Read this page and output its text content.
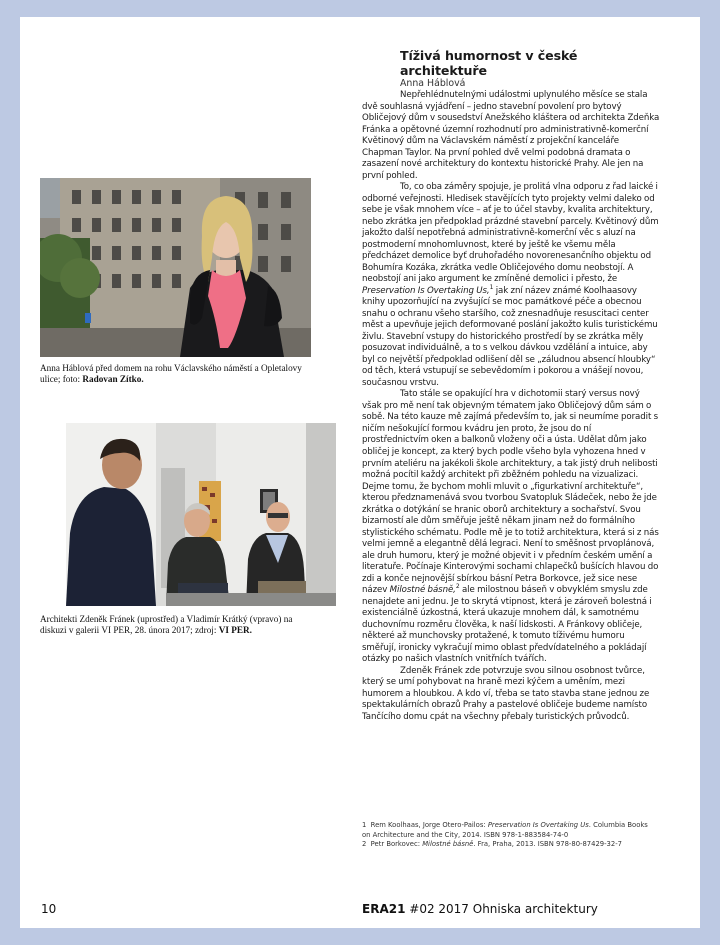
Anna Háblová před domem na rohu Václavského náměstí a Opletalovy ulice; foto: Radovan Zítko.
Architekti Zdeněk Fránek (uprostřed) a Vladimír Krátký (vpravo) na diskuzi v galerii VI PER, 28. února 2017; zdroj: VI PER.
Tíživá humornost v české architektuře
Anna Háblová

Nepřehlédnutelnými událostmi uplynulého měsíce se stala dvě souhlasná vyjádření – jedno stavební povolení pro bytový Obličejový dům v sousedství Anežského kláštera od architekta Zdeňka Fránka a opětovné územní rozhodnutí pro administrativně-komerční Květinový dům na Václavském náměstí z projekční kanceláře Chapman Taylor. Na první pohled dvě velmi podobná dramata o zasazení nové architektury do kontextu historické Prahy. Ale jen na první pohled.

To, co oba záměry spojuje, je prolitá vlna odporu z řad laické i odborné veřejnosti. Hledisek stavějících tyto projekty velmi daleko od sebe je však mnohem více – ať je to účel stavby, kvalita architektury, nebo zkrátka jen předpoklad prázdné stavební parcely. Květinový dům jakožto další nepotřebná administrativně-komerční věc s aluzí na postmoderní mnohomluvnost, které by ještě ke všemu měla předcházet demolice byť druhořadého novorenesančního objektu od Bohumíra Kozáka, zkrátka vedle Obličejového domu neobstojí. A neobstojí ani jako argument ke zmíněné demolici i přesto, že Preservation Is Overtaking Us,$^1$ jak zní název známé Koolhaasovy knihy upozorňující na zvyšující se moc památkové péče a obecnou snahu o ochranu všeho staršího, což znesnadňuje resuscitaci center měst a upevňuje jejich deformované poslání jakožto kulis turistickému živlu. Stavební vstupy do historického prostředí by se zkrátka měly posuzovat individuálně, a to s velkou dávkou vzdělání a intuice, aby byl co největší předpoklad odlišení děl se „záludnou absencí hloubky“ od těch, která vstupují se sebevědomím i pokorou a vnášejí novou, současnou vrstvu.

Tato stále se opakující hra v dichotomii starý versus nový však pro mě není tak objevným tématem jako Obličejový dům sám o sobě. Na této kauze mě zajímá především to, jak si neumíme poradit s ničím nešokující formou kvádru jen proto, že jsou do ní prostřednictvím oken a balkonů vloženy oči a ústa. Udělat dům jako obličej je koncept, za který bych podle všeho byla vyhozena hned v prvním ateliéru na jakékoli škole architektury, a tak jistý druh nelibosti možná pocítil každý architekt při zběžném pohledu na vizualizaci. Dejme tomu, že bychom mohli mluvit o „figurkativní architektuře“, kterou předznamenává svou tvorbou Svatopluk Sládeček, nebo že jde zkrátka o dotýkání se hranic oborů architektury a sochařství. Svou bizarností ale dům směřuje ještě někam jinam než do formálního stylistického schématu. Podle mě je to totiž architektura, která si z nás velmi jemně a elegantně dělá legraci. Není to směšnost prvoplánová, ale druh humoru, který je možné objevit i v předním českém umění a literatuře. Počínaje Kinterovými sochami chlapečků bušících hlavou do zdi a konče nejnovější sbírkou básní Petra Borkovce, jež sice nese název Milostné básně,$^2$ ale milostnou báseň v obvyklém smyslu zde nenajdete ani jednu. Je to skrytá vtipnost, která je zároveň bolestná i existenciálně úzkostná, která ukazuje mnohem dál, k samotnému duchovnímu rozměru člověka, k naší lidskosti. A Fránkovy obličeje, některé až munchovsky protažené, k tomuto tíživému humoru směřují, ironicky vykračují mimo oblast předvídatelného a pokládají otázky po našich vlastních vnitřních tvářích.

Zdeněk Fránek zde potvrzuje svou silnou osobnost tvůrce, který se umí pohybovat na hraně mezi kýčem a uměním, mezi humorem a hloubkou. A kdo ví, třeba se tato stavba stane jednou ze spektakulárních obrazů Prahy a pastelové obličeje budeme namísto Tančícího domu cpát na všechny přebaly turistických průvodců.

1 Rem Koolhaas, Jorge Otero-Pailos: Preservation Is Overtaking Us. Columbia Books
on Architecture and the City, 2014. ISBN 978-1-883584-74-0
2 Petr Borkovec: Milostné básně. Fra, Praha, 2013. ISBN 978-80-87429-32-7
10	ERA21 #02 2017 Ohniska architektury
